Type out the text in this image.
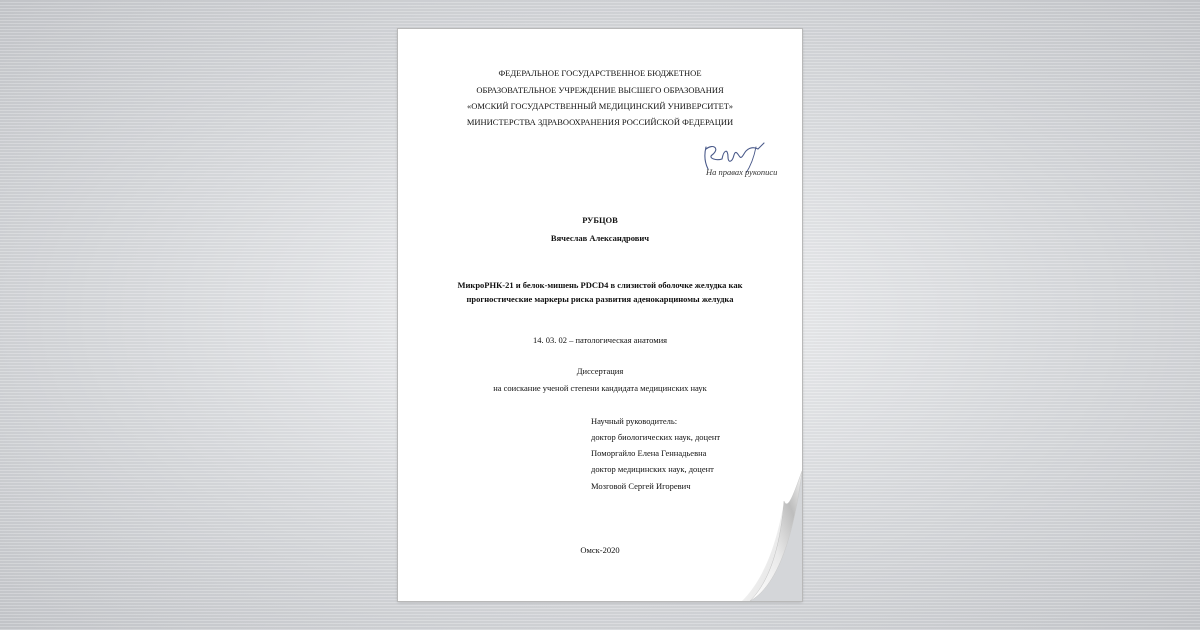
ФЕДЕРАЛЬНОЕ ГОСУДАРСТВЕННОЕ БЮДЖЕТНОЕ
ОБРАЗОВАТЕЛЬНОЕ УЧРЕЖДЕНИЕ ВЫСШЕГО ОБРАЗОВАНИЯ
«ОМСКИЙ ГОСУДАРСТВЕННЫЙ МЕДИЦИНСКИЙ УНИВЕРСИТЕТ»
МИНИСТЕРСТВА ЗДРАВООХРАНЕНИЯ РОССИЙСКОЙ ФЕДЕРАЦИИ
На правах рукописи
РУБЦОВ
Вячеслав Александрович
МикроРНК-21 и белок-мишень PDCD4 в слизистой оболочке желудка как
прогностические маркеры риска развития аденокарциномы желудка
14. 03. 02 – патологическая анатомия
Диссертация
на соискание ученой степени кандидата медицинских наук
Научный руководитель:
доктор биологических наук, доцент
Поморгайло Елена Геннадьевна
доктор медицинских наук, доцент
Мозговой Сергей Игоревич
Омск-2020
